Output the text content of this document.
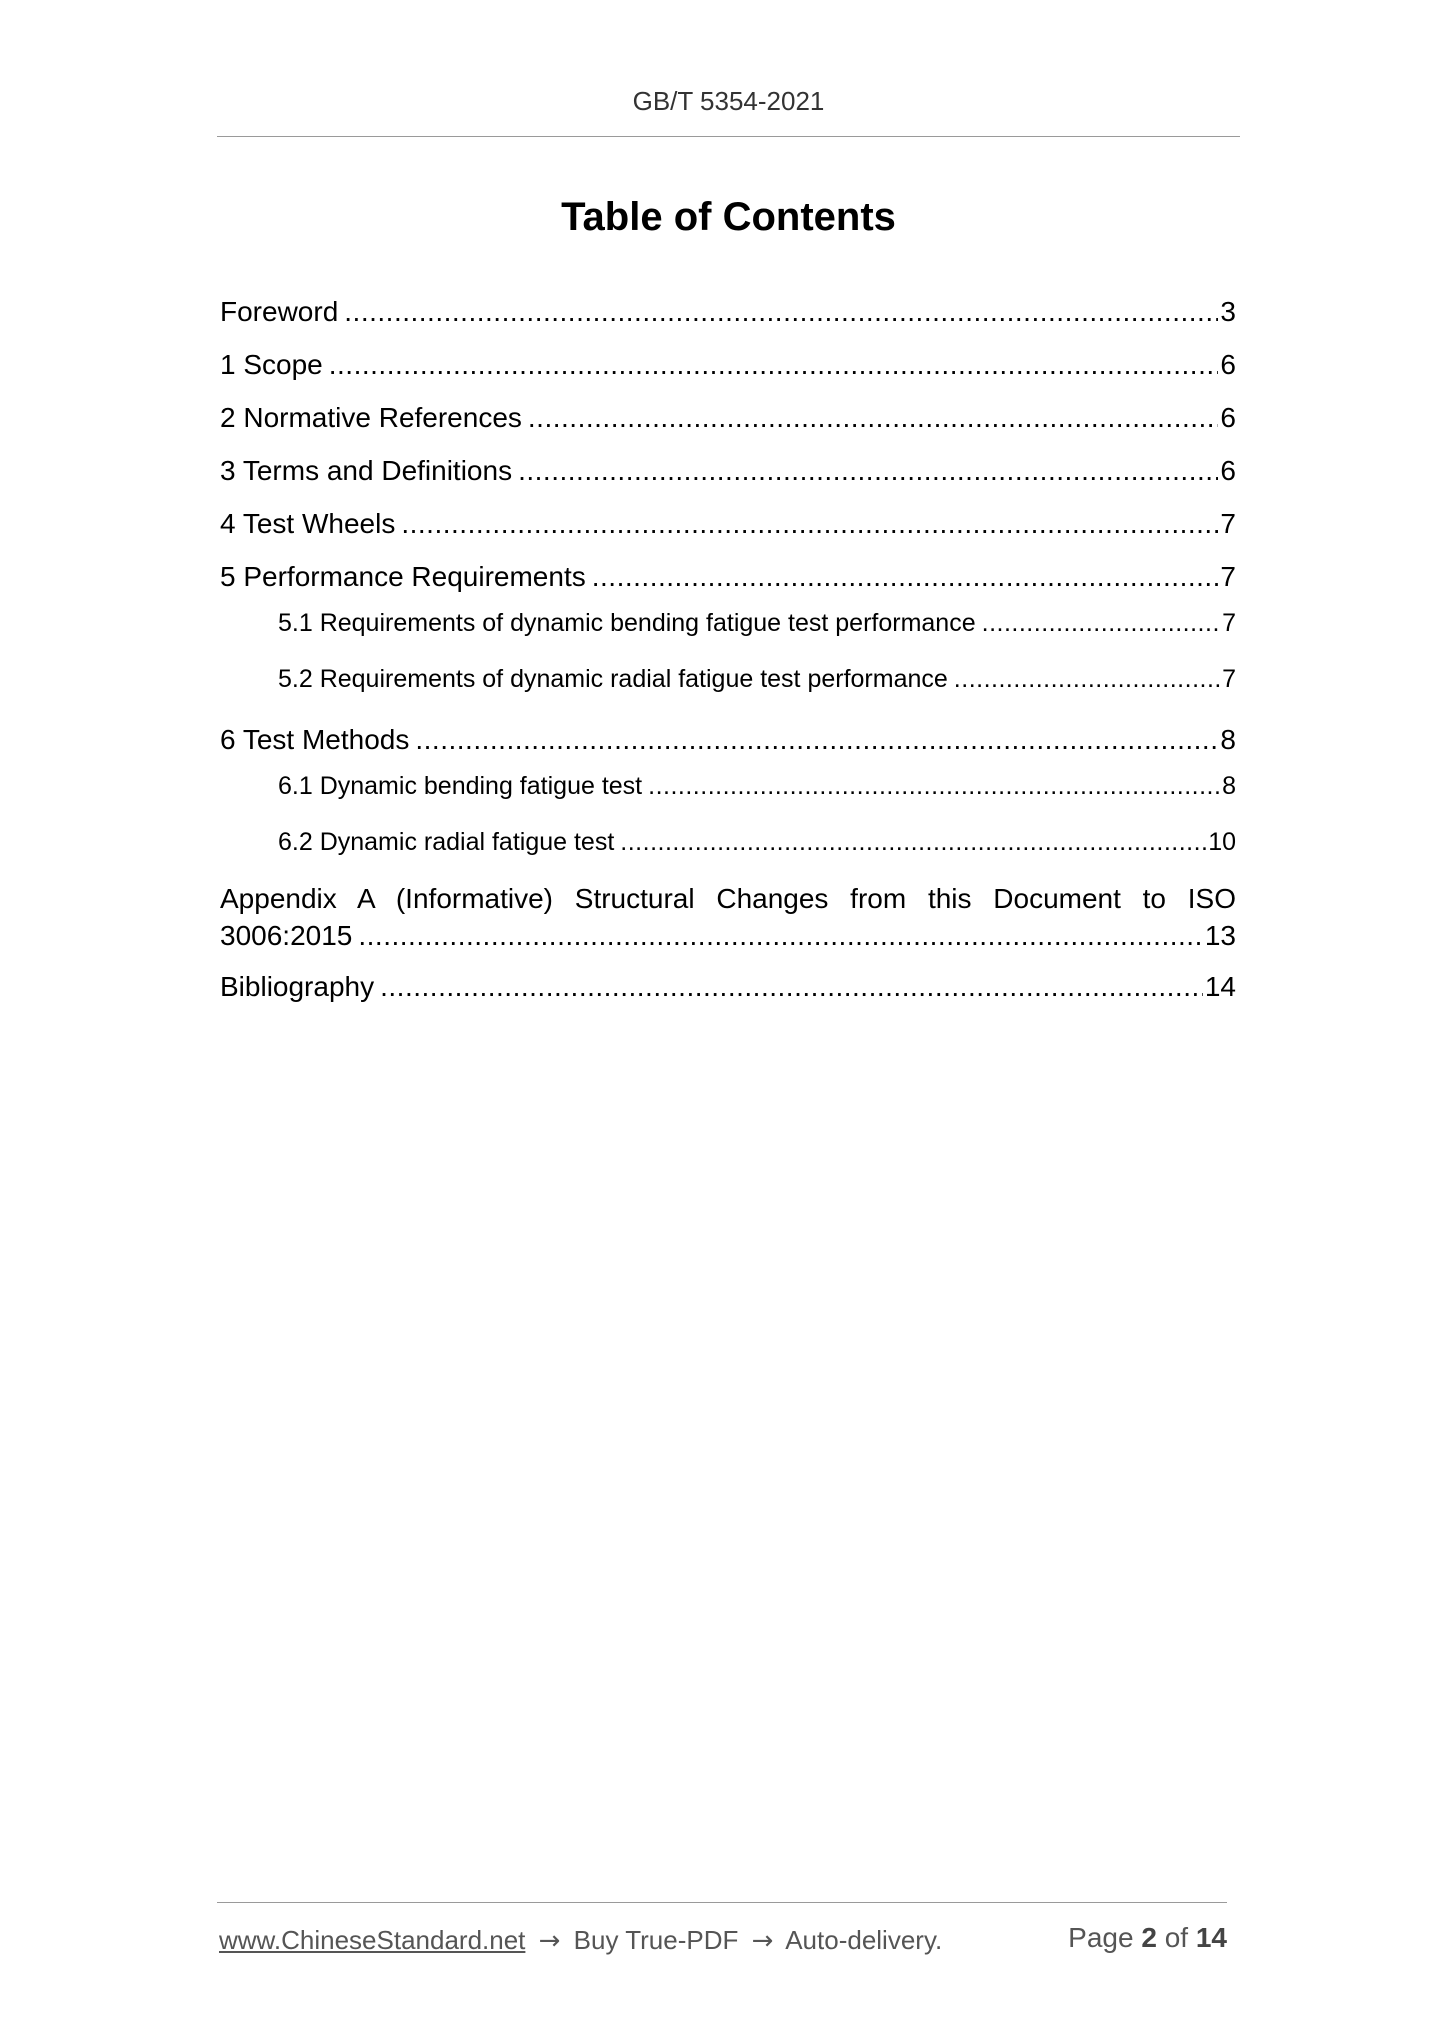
GB/T 5354-2021
Table of Contents
Foreword .....	3
1 Scope .....	6
2 Normative References .....	6
3 Terms and Definitions .....	6
4 Test Wheels .....	7
5 Performance Requirements .....	7
5.1 Requirements of dynamic bending fatigue test performance .....	7
5.2 Requirements of dynamic radial fatigue test performance .....	7
6 Test Methods .....	8
6.1 Dynamic bending fatigue test .....	8
6.2 Dynamic radial fatigue test .....	10
Appendix A (Informative) Structural Changes from this Document to ISO
3006:2015 .....	13
Bibliography .....	14
www.ChineseStandard.net → Buy True-PDF → Auto-delivery.	Page 2 of 14
